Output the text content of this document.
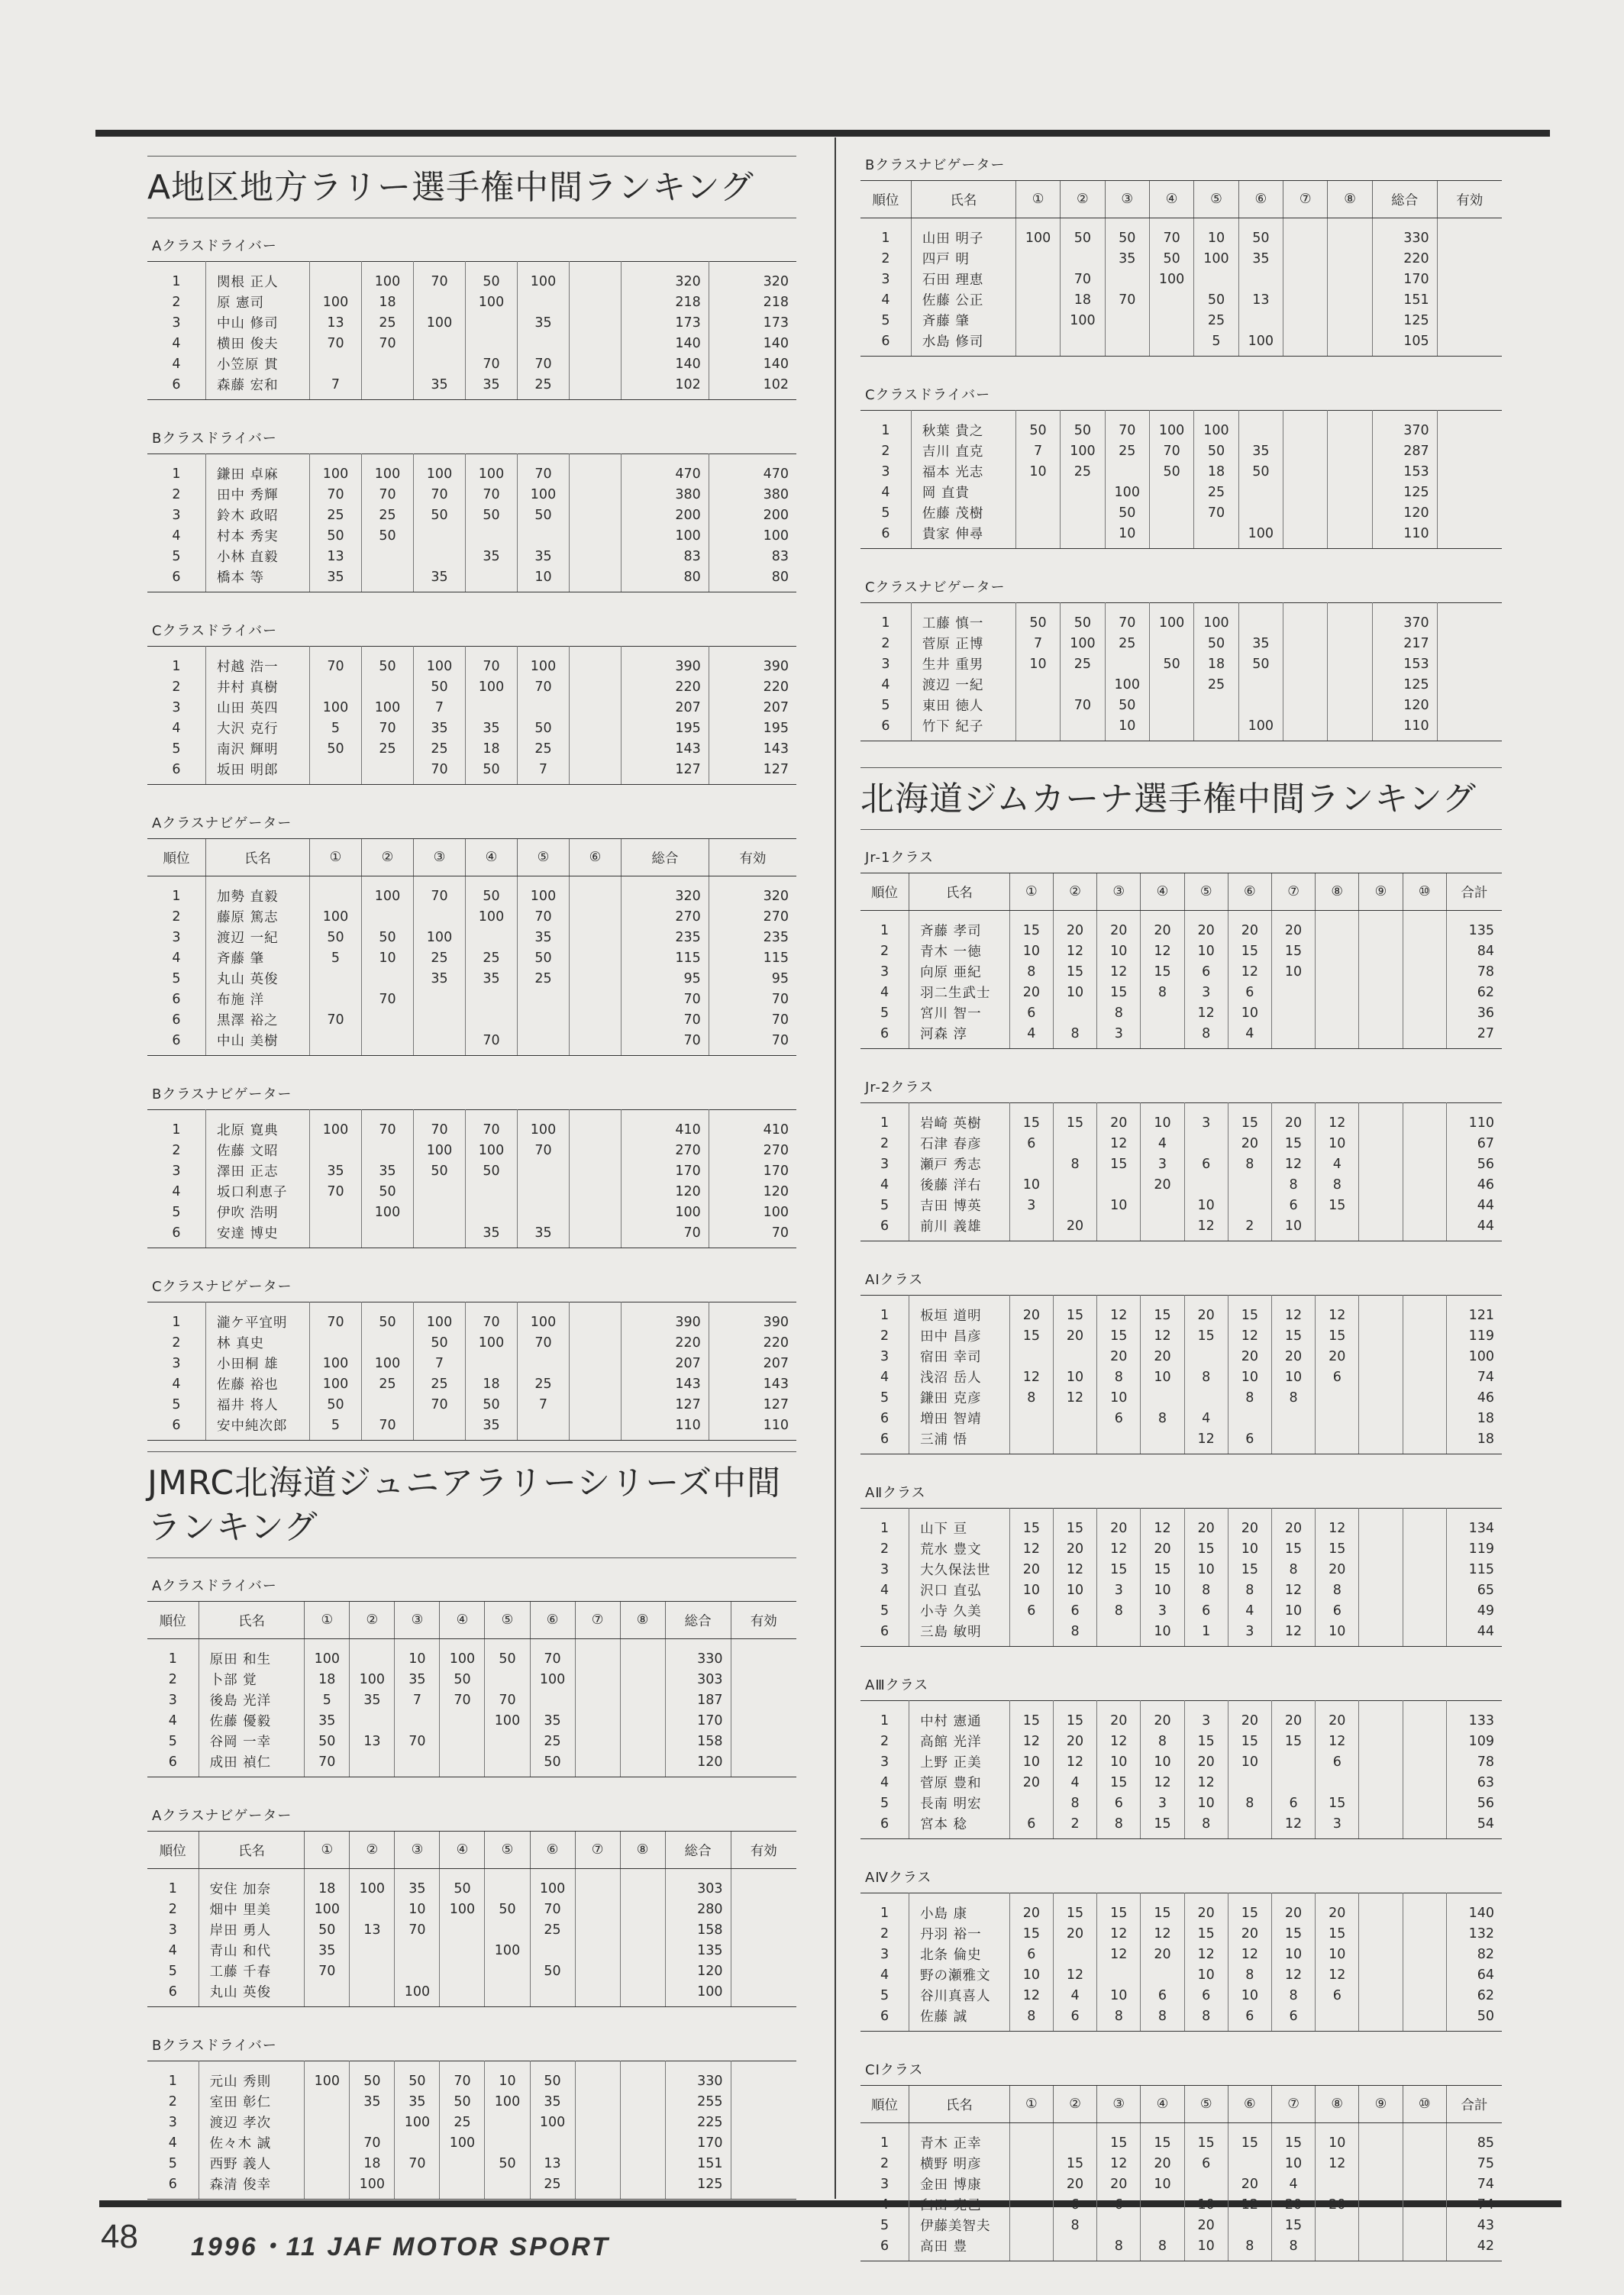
A地区地方ラリー選手権中間ランキング
Aクラスドライバー
1	関根 正人		100	70	50	100		320	320
2	原 憲司	100	18		100			218	218
3	中山 修司	13	25	100		35		173	173
4	横田 俊夫	70	70					140	140
4	小笠原 貫				70	70		140	140
6	森藤 宏和	7		35	35	25		102	102
Bクラスドライバー
1	鎌田 卓麻	100	100	100	100	70		470	470
2	田中 秀輝	70	70	70	70	100		380	380
3	鈴木 政昭	25	25	50	50	50		200	200
4	村本 秀実	50	50					100	100
5	小林 直毅	13			35	35		83	83
6	橋本 等	35		35		10		80	80
Cクラスドライバー
1	村越 浩一	70	50	100	70	100		390	390
2	井村 真樹			50	100	70		220	220
3	山田 英四	100	100	7				207	207
4	大沢 克行	5	70	35	35	50		195	195
5	南沢 輝明	50	25	25	18	25		143	143
6	坂田 明郎			70	50	7		127	127
Aクラスナビゲーター
順位	氏名	①	②	③	④	⑤	⑥	総合	有効
1	加勢 直毅		100	70	50	100		320	320
2	藤原 篤志	100			100	70		270	270
3	渡辺 一紀	50	50	100		35		235	235
4	斉藤 肇	5	10	25	25	50		115	115
5	丸山 英俊			35	35	25		95	95
6	布施 洋		70					70	70
6	黒澤 裕之	70						70	70
6	中山 美樹				70			70	70
Bクラスナビゲーター
1	北原 寛典	100	70	70	70	100		410	410
2	佐藤 文昭			100	100	70		270	270
3	澤田 正志	35	35	50	50			170	170
4	坂口利恵子	70	50					120	120
5	伊吹 浩明		100					100	100
6	安達 博史				35	35		70	70
Cクラスナビゲーター
1	瀧ケ平宜明	70	50	100	70	100		390	390
2	林 真史			50	100	70		220	220
3	小田桐 雄	100	100	7				207	207
4	佐藤 裕也	100	25	25	18	25		143	143
5	福井 将人	50		70	50	7		127	127
6	安中純次郎	5	70		35			110	110
JMRC北海道ジュニアラリーシリーズ中間ランキング
Aクラスドライバー
順位	氏名	①	②	③	④	⑤	⑥	⑦	⑧	総合	有効
1	原田 和生	100		10	100	50	70			330	
2	卜部 覚	18	100	35	50		100			303	
3	後島 光洋	5	35	7	70	70				187	
4	佐藤 優毅	35				100	35			170	
5	谷岡 一幸	50	13	70			25			158	
6	成田 禎仁	70					50			120	
Aクラスナビゲーター
順位	氏名	①	②	③	④	⑤	⑥	⑦	⑧	総合	有効
1	安住 加奈	18	100	35	50		100			303	
2	畑中 里美	100		10	100	50	70			280	
3	岸田 勇人	50	13	70			25			158	
4	青山 和代	35				100				135	
5	工藤 千春	70					50			120	
6	丸山 英俊			100						100	
Bクラスドライバー
1	元山 秀則	100	50	50	70	10	50			330	
2	室田 彰仁		35	35	50	100	35			255	
3	渡辺 孝次			100	25		100			225	
4	佐々木 誠		70		100					170	
5	西野 義人		18	70		50	13			151	
6	森清 俊幸		100				25			125	
Bクラスナビゲーター
順位	氏名	①	②	③	④	⑤	⑥	⑦	⑧	総合	有効
1	山田 明子	100	50	50	70	10	50			330	
2	四戸 明			35	50	100	35			220	
3	石田 理恵		70		100					170	
4	佐藤 公正		18	70		50	13			151	
5	斉藤 肇		100			25				125	
6	水島 修司					5	100			105	
Cクラスドライバー
1	秋葉 貴之	50	50	70	100	100				370	
2	吉川 直克	7	100	25	70	50	35			287	
3	福本 光志	10	25		50	18	50			153	
4	岡 直貴			100		25				125	
5	佐藤 茂樹			50		70				120	
6	貴家 伸尋			10			100			110	
Cクラスナビゲーター
1	工藤 慎一	50	50	70	100	100				370	
2	菅原 正博	7	100	25		50	35			217	
3	生井 重男	10	25		50	18	50			153	
4	渡辺 一紀			100		25				125	
5	東田 徳人		70	50						120	
6	竹下 紀子			10			100			110	
北海道ジムカーナ選手権中間ランキング
Jr-1クラス
順位	氏名	①	②	③	④	⑤	⑥	⑦	⑧	⑨	⑩	合計
1	斉藤 孝司	15	20	20	20	20	20	20				135
2	青木 一徳	10	12	10	12	10	15	15				84
3	向原 亜紀	8	15	12	15	6	12	10				78
4	羽二生武士	20	10	15	8	3	6					62
5	宮川 智一	6		8		12	10					36
6	河森 淳	4	8	3		8	4					27
Jr-2クラス
1	岩崎 英樹	15	15	20	10	3	15	20	12			110
2	石津 春彦	6		12	4		20	15	10			67
3	瀬戸 秀志		8	15	3	6	8	12	4			56
4	後藤 洋右	10			20			8	8			46
5	吉田 博英	3		10		10		6	15			44
6	前川 義雄		20			12	2	10				44
AⅠクラス
1	板垣 道明	20	15	12	15	20	15	12	12			121
2	田中 昌彦	15	20	15	12	15	12	15	15			119
3	宿田 幸司			20	20		20	20	20			100
4	浅沼 岳人	12	10	8	10	8	10	10	6			74
5	鎌田 克彦	8	12	10			8	8				46
6	増田 智靖			6	8	4						18
6	三浦 悟					12	6					18
AⅡクラス
1	山下 亘	15	15	20	12	20	20	20	12			134
2	荒水 豊文	12	20	12	20	15	10	15	15			119
3	大久保法世	20	12	15	15	10	15	8	20			115
4	沢口 直弘	10	10	3	10	8	8	12	8			65
5	小寺 久美	6	6	8	3	6	4	10	6			49
6	三島 敏明		8		10	1	3	12	10			44
AⅢクラス
1	中村 憲通	15	15	20	20	3	20	20	20			133
2	高館 光洋	12	20	12	8	15	15	15	12			109
3	上野 正美	10	12	10	10	20	10		6			78
4	菅原 豊和	20	4	15	12	12						63
5	長南 明宏		8	6	3	10	8	6	15			56
6	宮本 稔	6	2	8	15	8		12	3			54
AⅣクラス
1	小島 康	20	15	15	15	20	15	20	20			140
2	丹羽 裕一	15	20	12	12	15	20	15	15			132
3	北条 倫史	6		12	20	12	12	10	10			82
4	野の瀬雅文	10	12			10	8	12	12			64
5	谷川真喜人	12	4	10	6	6	10	8	6			62
6	佐藤 誠	8	6	8	8	8	6	6				50
CⅠクラス
順位	氏名	①	②	③	④	⑤	⑥	⑦	⑧	⑨	⑩	合計
1	青木 正幸			15	15	15	15	15	10			85
2	横野 明彦		15	12	20	6		10	12			75
3	金田 博康		20	20	10		20	4				74
4	臼田 克己		6	6		10	12	20	20			74
5	伊藤美智夫		8			20		15				43
6	高田 豊			8	8	10	8	8				42
48 1996・11 JAF MOTOR SPORT
